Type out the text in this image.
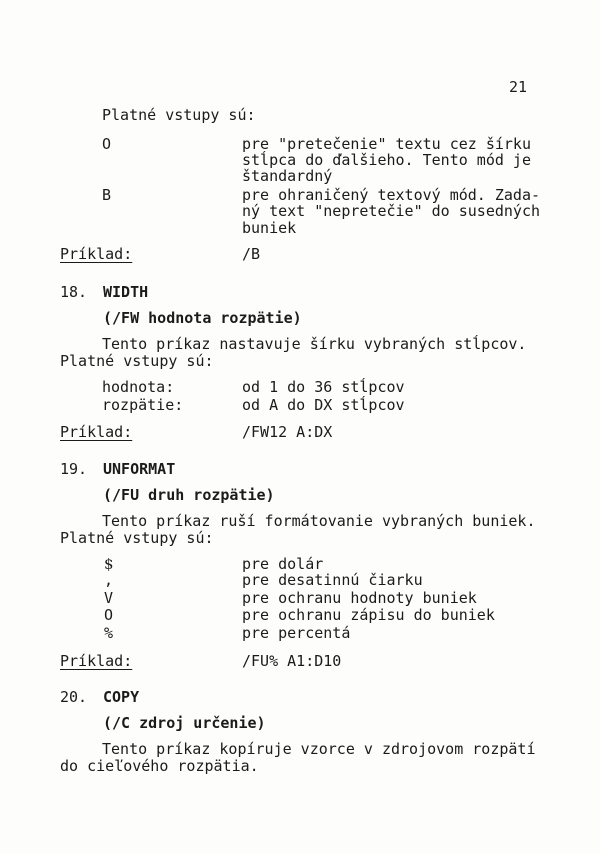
21
Platné vstupy sú:
O	pre "pretečenie" textu cez šírku
stĺpca do ďalšieho. Tento mód je
štandardný
B	pre ohraničený textový mód. Zada-
ný text "nepretečie" do susedných
buniek
Príklad:	/B
18. WIDTH
(/FW hodnota rozpätie)
Tento príkaz nastavuje šírku vybraných stĺpcov.
Platné vstupy sú:
hodnota:	od 1 do 36 stĺpcov
rozpätie:	od A do DX stĺpcov
Príklad:	/FW12 A:DX
19. UNFORMAT
(/FU druh rozpätie)
Tento príkaz ruší formátovanie vybraných buniek.
Platné vstupy sú:
$	pre dolár
,	pre desatinnú čiarku
V	pre ochranu hodnoty buniek
O	pre ochranu zápisu do buniek
%	pre percentá
Príklad:	/FU% A1:D10
20. COPY
(/C zdroj určenie)
Tento príkaz kopíruje vzorce v zdrojovom rozpätí
do cieľového rozpätia.
